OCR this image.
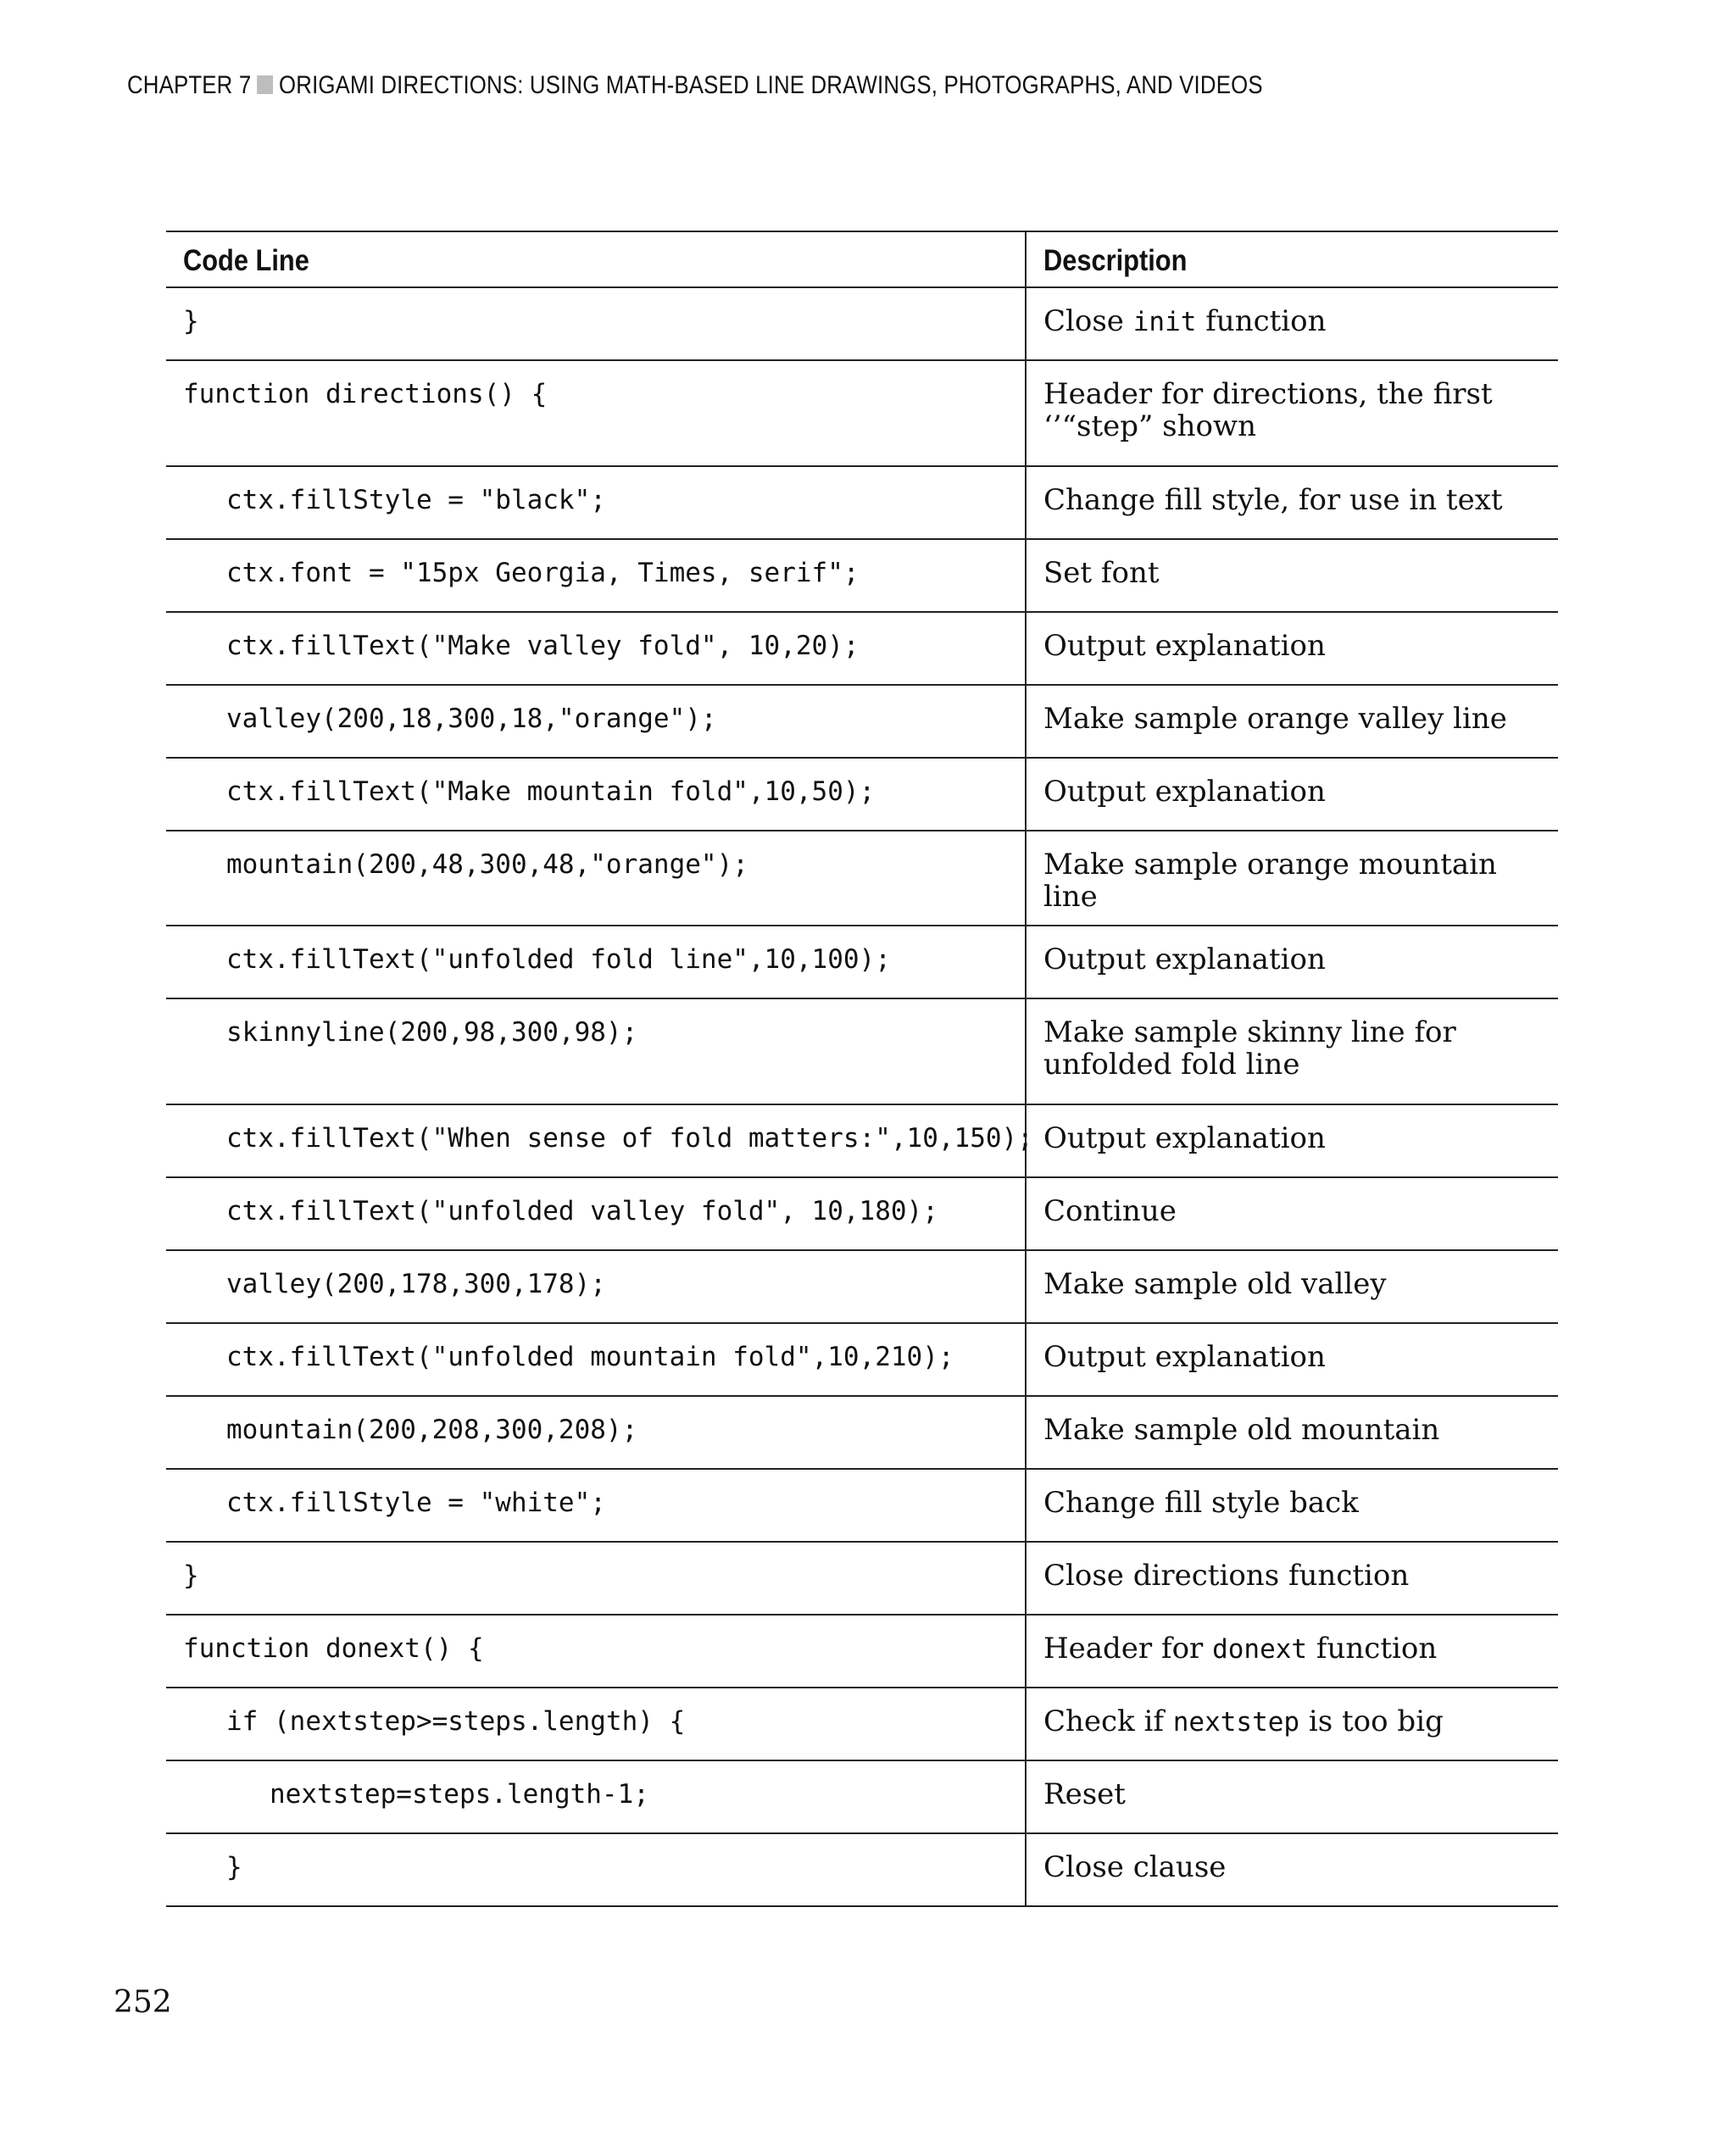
CHAPTER 7 ORIGAMI DIRECTIONS: USING MATH-BASED LINE DRAWINGS, PHOTOGRAPHS, AND VIDEOS
Code Line	Description
}	Close init function

function directions() {	Header for directions, the first ‘’“step” shown

ctx.fillStyle = "black";	Change fill style, for use in text

ctx.font = "15px Georgia, Times, serif";	Set font

ctx.fillText("Make valley fold", 10,20);	Output explanation

valley(200,18,300,18,"orange");	Make sample orange valley line

ctx.fillText("Make mountain fold",10,50);	Output explanation

mountain(200,48,300,48,"orange");	Make sample orange mountain line

ctx.fillText("unfolded fold line",10,100);	Output explanation

skinnyline(200,98,300,98);	Make sample skinny line for unfolded fold line

ctx.fillText("When sense of fold matters:",10,150);	Output explanation

ctx.fillText("unfolded valley fold", 10,180);	Continue

valley(200,178,300,178);	Make sample old valley

ctx.fillText("unfolded mountain fold",10,210);	Output explanation

mountain(200,208,300,208);	Make sample old mountain

ctx.fillStyle = "white";	Change fill style back

}	Close directions function

function donext() {	Header for donext function

if (nextstep>=steps.length) {	Check if nextstep is too big

nextstep=steps.length-1;	Reset

}	Close clause
252
